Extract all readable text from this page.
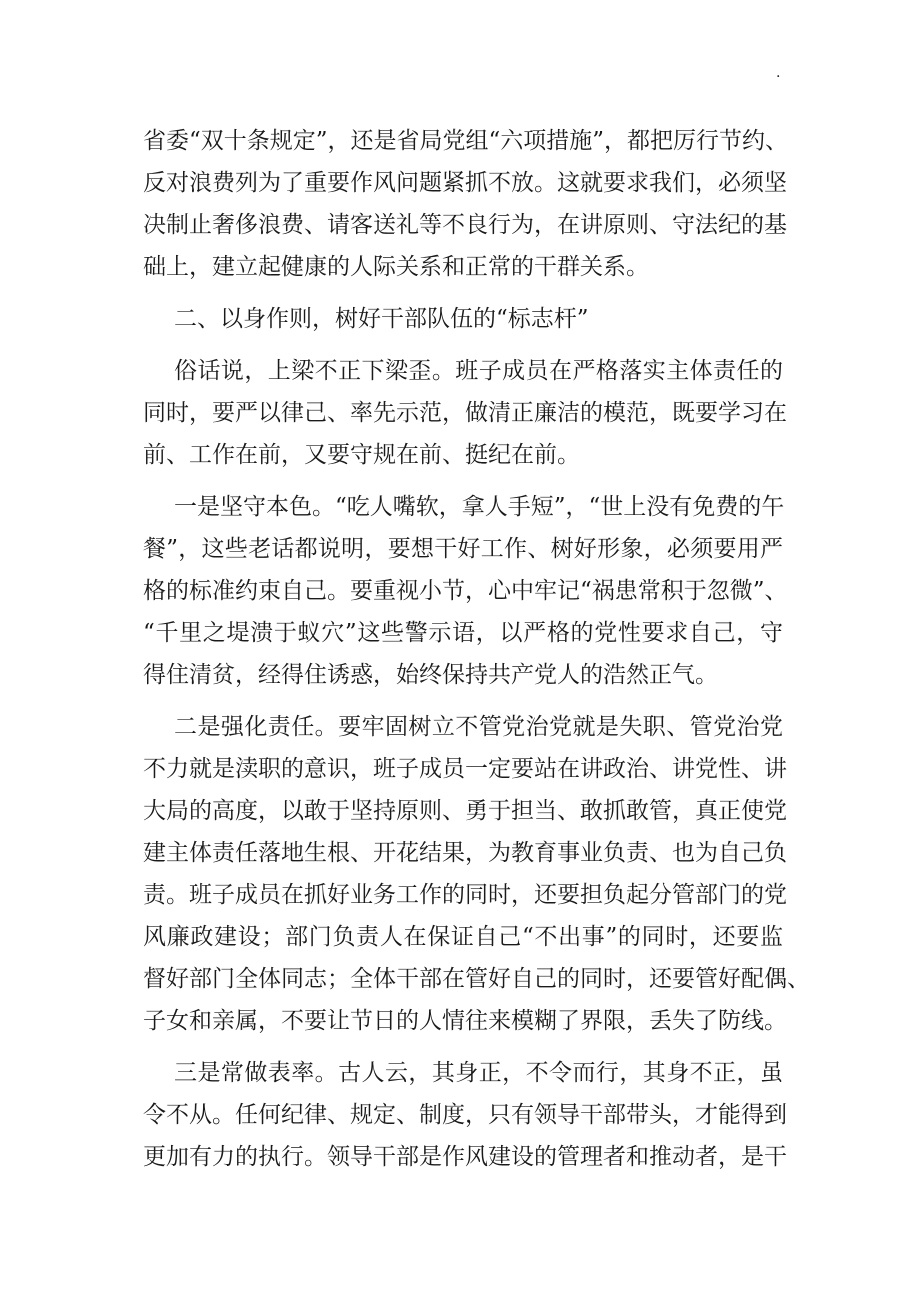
.
省委“双十条规定”，还是省局党组“六项措施”，都把厉行节约、
反对浪费列为了重要作风问题紧抓不放。这就要求我们，必须坚
决制止奢侈浪费、请客送礼等不良行为，在讲原则、守法纪的基
础上，建立起健康的人际关系和正常的干群关系。
二、以身作则，树好干部队伍的“标志杆”
俗话说，上梁不正下梁歪。班子成员在严格落实主体责任的
同时，要严以律己、率先示范，做清正廉洁的模范，既要学习在
前、工作在前，又要守规在前、挺纪在前。
一是坚守本色。“吃人嘴软，拿人手短”，“世上没有免费的午
餐”，这些老话都说明，要想干好工作、树好形象，必须要用严
格的标准约束自己。要重视小节，心中牢记“祸患常积于忽微”、
“千里之堤溃于蚁穴”这些警示语，以严格的党性要求自己，守
得住清贫，经得住诱惑，始终保持共产党人的浩然正气。
二是强化责任。要牢固树立不管党治党就是失职、管党治党
不力就是渎职的意识，班子成员一定要站在讲政治、讲党性、讲
大局的高度，以敢于坚持原则、勇于担当、敢抓敢管，真正使党
建主体责任落地生根、开花结果，为教育事业负责、也为自己负
责。班子成员在抓好业务工作的同时，还要担负起分管部门的党
风廉政建设；部门负责人在保证自己“不出事”的同时，还要监
督好部门全体同志；全体干部在管好自己的同时，还要管好配偶、
子女和亲属，不要让节日的人情往来模糊了界限，丢失了防线。
三是常做表率。古人云，其身正，不令而行，其身不正，虽
令不从。任何纪律、规定、制度，只有领导干部带头，才能得到
更加有力的执行。领导干部是作风建设的管理者和推动者，是干
